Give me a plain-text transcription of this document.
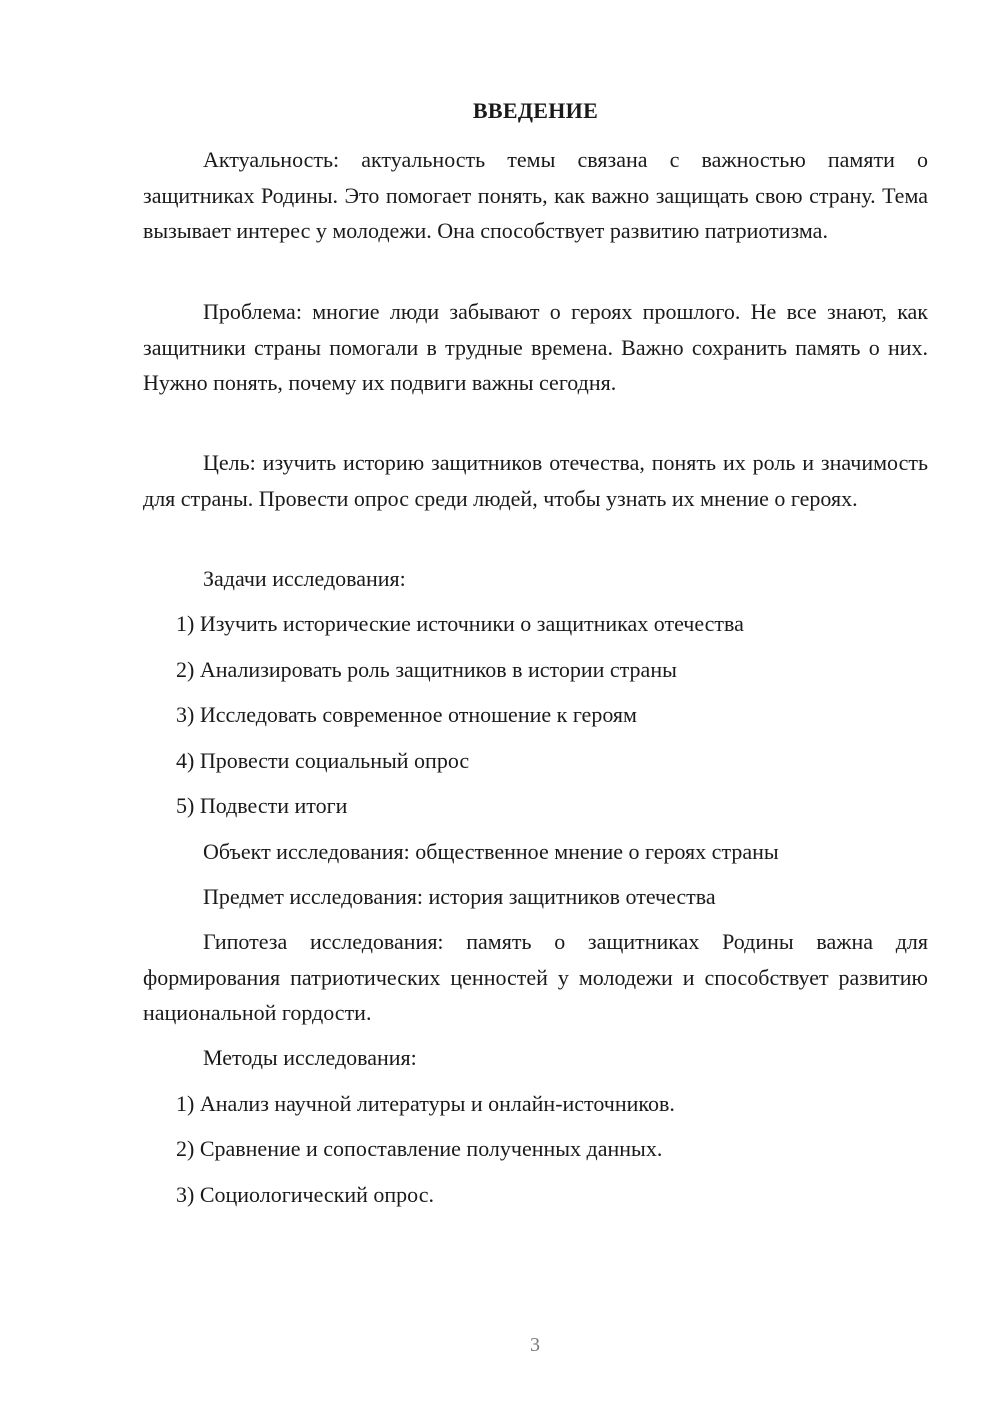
ВВЕДЕНИЕ

Актуальность: актуальность темы связана с важностью памяти о защитниках Родины. Это помогает понять, как важно защищать свою страну. Тема вызывает интерес у молодежи. Она способствует развитию патриотизма.

Проблема: многие люди забывают о героях прошлого. Не все знают, как защитники страны помогали в трудные времена. Важно сохранить память о них. Нужно понять, почему их подвиги важны сегодня.

Цель: изучить историю защитников отечества, понять их роль и значимость для страны. Провести опрос среди людей, чтобы узнать их мнение о героях.

Задачи исследования:

1) Изучить исторические источники о защитниках отечества

2) Анализировать роль защитников в истории страны

3) Исследовать современное отношение к героям

4) Провести социальный опрос

5) Подвести итоги

Объект исследования: общественное мнение о героях страны

Предмет исследования: история защитников отечества

Гипотеза исследования: память о защитниках Родины важна для формирования патриотических ценностей у молодежи и способствует развитию национальной гордости.

Методы исследования:

1) Анализ научной литературы и онлайн-источников.

2) Сравнение и сопоставление полученных данных.

3) Социологический опрос.

3
